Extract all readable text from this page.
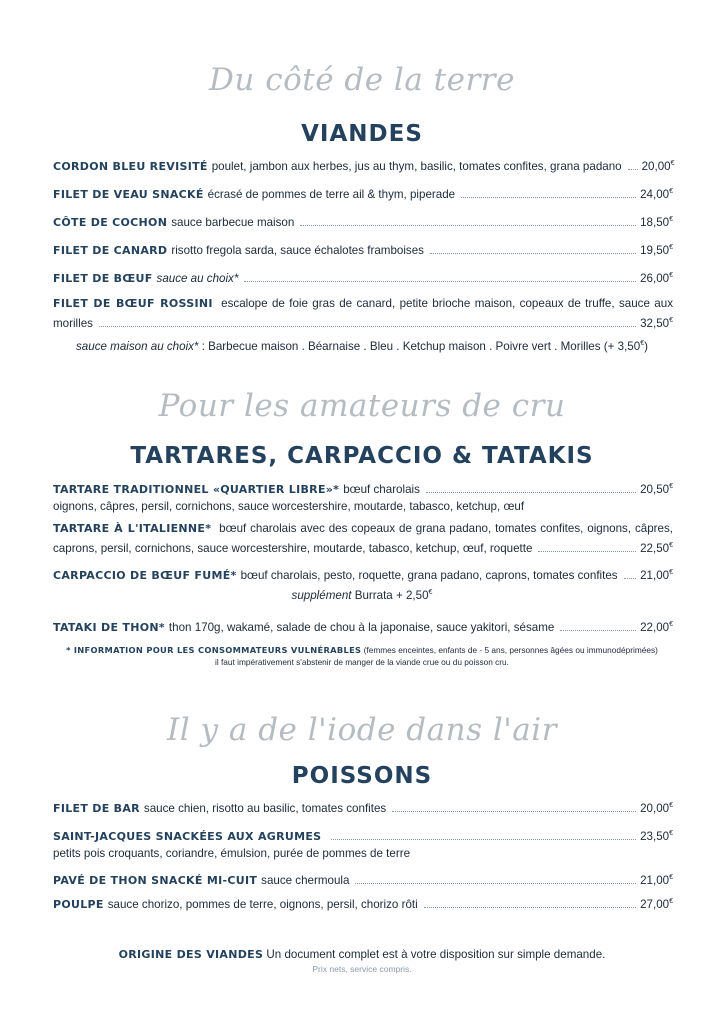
Du côté de la terre
VIANDES
CORDON BLEU REVISITÉ poulet, jambon aux herbes, jus au thym, basilic, tomates confites, grana padano 20,00€
FILET DE VEAU SNACKÉ écrasé de pommes de terre ail & thym, piperade	24,00€
CÔTE DE COCHON sauce barbecue maison	18,50€
FILET DE CANARD risotto fregola sarda, sauce échalotes framboises	19,50€
FILET DE BŒUF sauce au choix*	26,00€
FILET DE BŒUF ROSSINI escalope de foie gras de canard, petite brioche maison, copeaux de truffe, sauce aux
morilles	32,50€
sauce maison au choix* : Barbecue maison . Béarnaise . Bleu . Ketchup maison . Poivre vert . Morilles (+ 3,50€)
Pour les amateurs de cru
TARTARES, CARPACCIO & TATAKIS
TARTARE TRADITIONNEL «QUARTIER LIBRE»* bœuf charolais	20,50€
oignons, câpres, persil, cornichons, sauce worcestershire, moutarde, tabasco, ketchup, œuf
TARTARE À L'ITALIENNE* bœuf charolais avec des copeaux de grana padano, tomates confites, oignons, câpres,
caprons, persil, cornichons, sauce worcestershire, moutarde, tabasco, ketchup, œuf, roquette	22,50€
CARPACCIO DE BŒUF FUMÉ* bœuf charolais, pesto, roquette, grana padano, caprons, tomates confites 21,00€
supplément Burrata + 2,50€
TATAKI DE THON* thon 170g, wakamé, salade de chou à la japonaise, sauce yakitori, sésame	22,00€
* INFORMATION POUR LES CONSOMMATEURS VULNÉRABLES (femmes enceintes, enfants de - 5 ans, personnes âgées ou immunodéprimées)
il faut impérativement s'abstenir de manger de la viande crue ou du poisson cru.
Il y a de l'iode dans l'air
POISSONS
FILET DE BAR sauce chien, risotto au basilic, tomates confites	20,00€
SAINT-JACQUES SNACKÉES AUX AGRUMES	23,50€
petits pois croquants, coriandre, émulsion, purée de pommes de terre
PAVÉ DE THON SNACKÉ MI-CUIT sauce chermoula	21,00€
POULPE sauce chorizo, pommes de terre, oignons, persil, chorizo rôti	27,00€
ORIGINE DES VIANDES Un document complet est à votre disposition sur simple demande.
Prix nets, service compris.
